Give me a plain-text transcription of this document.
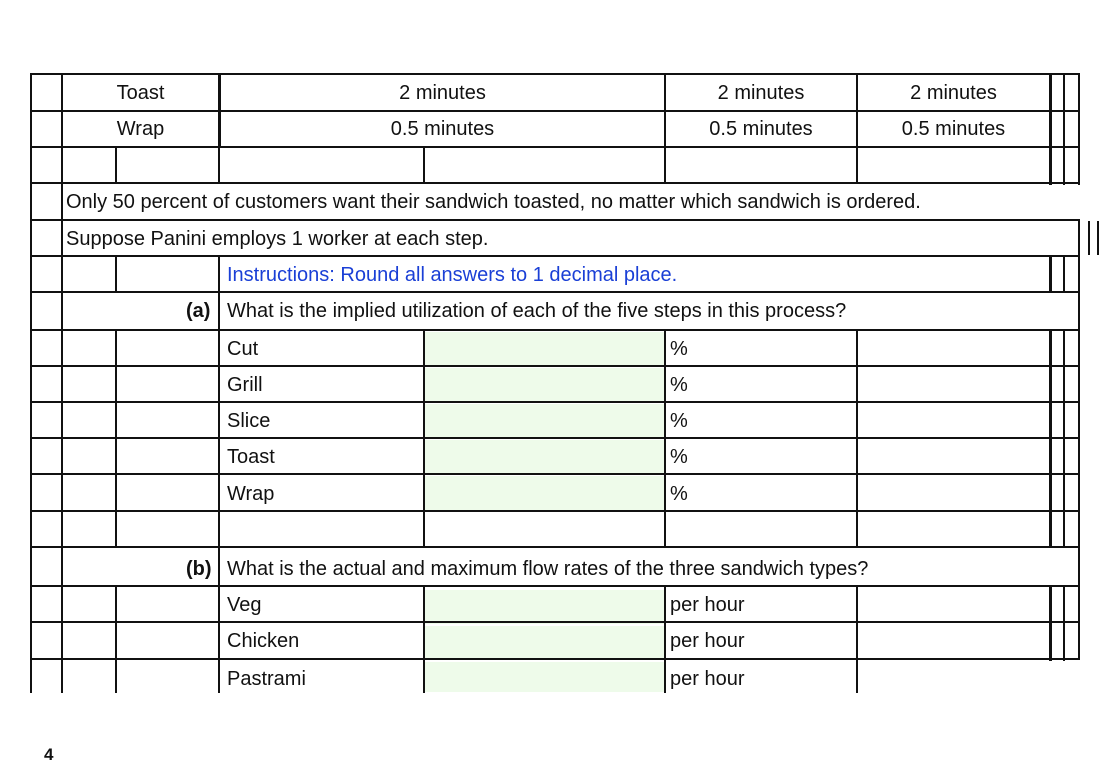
Toast	2 minutes	2 minutes	2 minutes
Wrap	0.5 minutes	0.5 minutes	0.5 minutes
Only 50 percent of customers want their sandwich toasted, no matter which sandwich is ordered.
Suppose Panini employs 1 worker at each step.
Instructions: Round all answers to 1 decimal place.
(a) What is the implied utilization of each of the five steps in this process?
Cut	%
Grill	%
Slice	%
Toast	%
Wrap	%
(b) What is the actual and maximum flow rates of the three sandwich types?
Veg	per hour
Chicken	per hour
Pastrami	per hour
4
